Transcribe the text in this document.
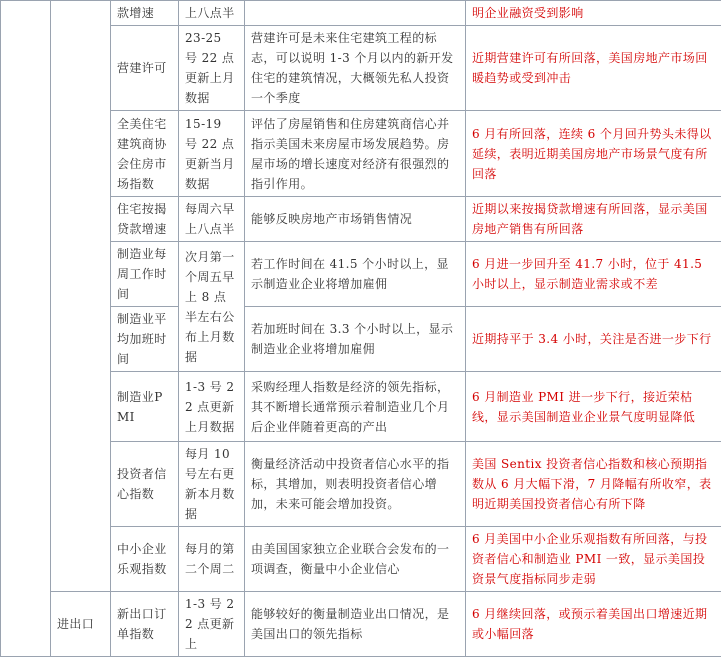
		款增速	上八点半		明企业融资受到影响
		营建许可	23-25 号 22 点更新上月数据	营建许可是未来住宅建筑工程的标志，可以说明 1-3 个月以内的新开发住宅的建筑情况，大概领先私人投资一个季度	近期营建许可有所回落，美国房地产市场回暖趋势或受到冲击
		全美住宅建筑商协会住房市场指数	15-19 号 22 点更新当月数据	评估了房屋销售和住房建筑商信心并指示美国未来房屋市场发展趋势。房屋市场的增长速度对经济有很强烈的指引作用。	6 月有所回落，连续 6 个月回升势头未得以延续，表明近期美国房地产市场景气度有所回落
		住宅按揭贷款增速	每周六早上八点半	能够反映房地产市场销售情况	近期以来按揭贷款增速有所回落，显示美国房地产销售有所回落
		制造业每周工作时间	次月第一个周五早上 8 点半左右公布上月数据	若工作时间在 41.5 个小时以上，显示制造业企业将增加雇佣	6 月进一步回升至 41.7 小时，位于 41.5 小时以上，显示制造业需求或不差
		制造业平均加班时间		若加班时间在 3.3 个小时以上，显示制造业企业将增加雇佣	近期持平于 3.4 小时，关注是否进一步下行
		制造业PMI	1-3 号 22 点更新上月数据	采购经理人指数是经济的领先指标，其不断增长通常预示着制造业几个月后企业伴随着更高的产出	6 月制造业 PMI 进一步下行，接近荣枯线，显示美国制造业企业景气度明显降低
		投资者信心指数	每月 10 号左右更新本月数据	衡量经济活动中投资者信心水平的指标，其增加，则表明投资者信心增加，未来可能会增加投资。	美国 Sentix 投资者信心指数和核心预期指数从 6 月大幅下滑，7 月降幅有所收窄，表明近期美国投资者信心有所下降
		中小企业乐观指数	每月的第二个周二	由美国国家独立企业联合会发布的一项调查，衡量中小企业信心	6 月美国中小企业乐观指数有所回落，与投资者信心和制造业 PMI 一致，显示美国投资景气度指标同步走弱
	进出口	新出口订单指数	1-3 号 22 点更新上	能够较好的衡量制造业出口情况，是美国出口的领先指标	6 月继续回落，或预示着美国出口增速近期或小幅回落
